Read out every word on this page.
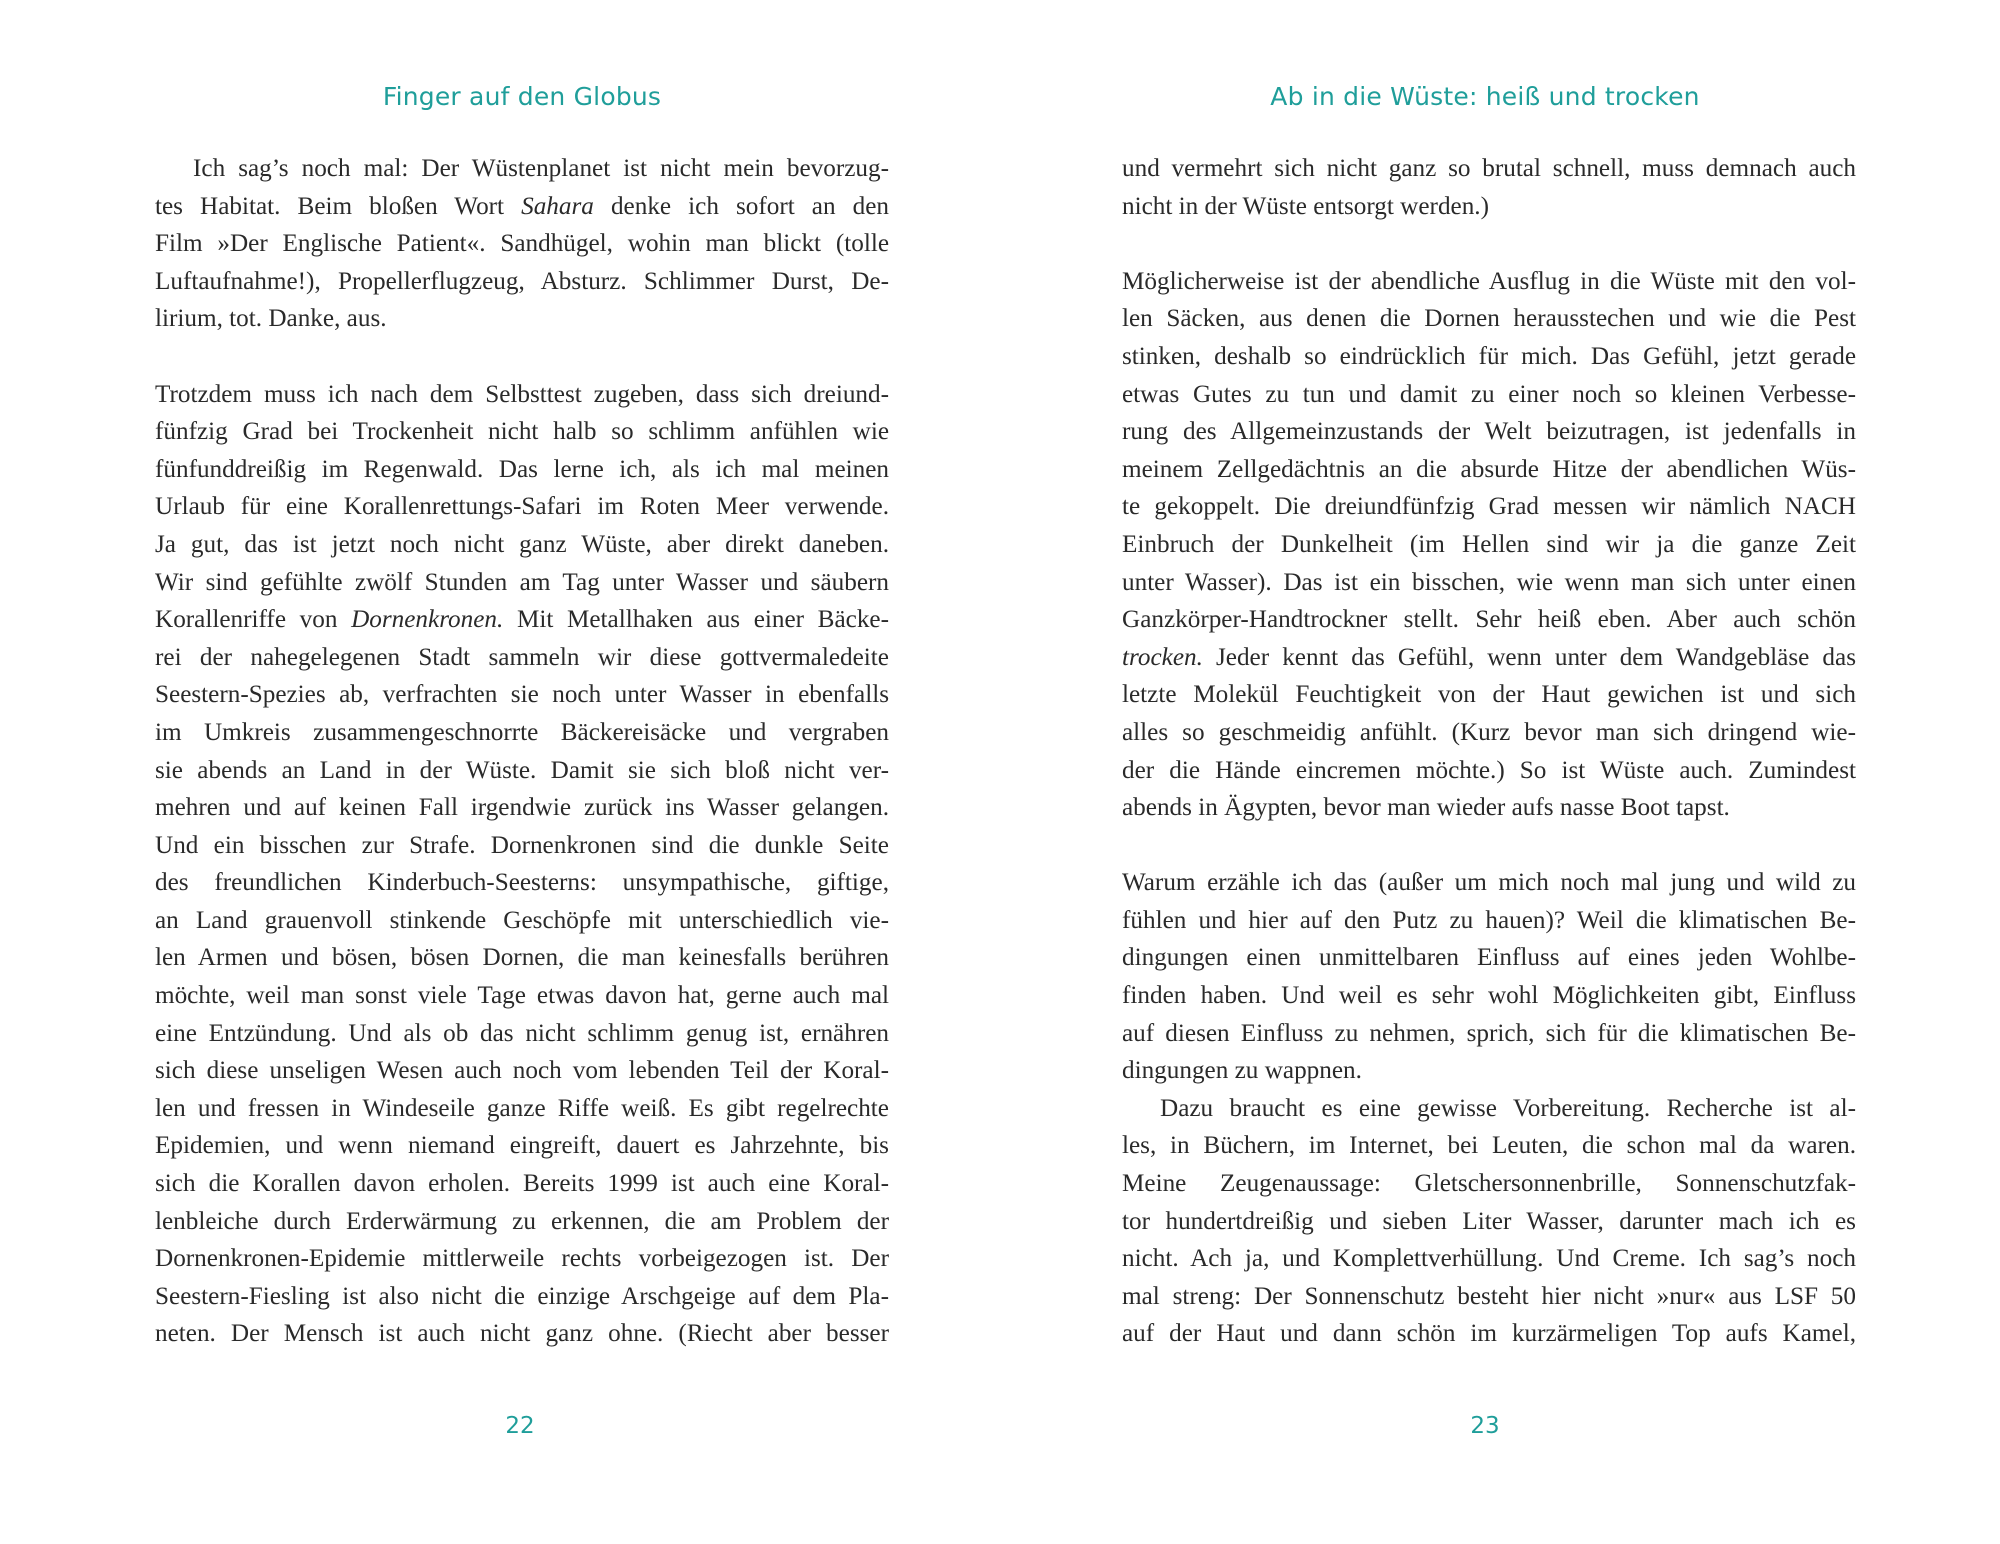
Finger auf den Globus
Ich sag’s noch mal: Der Wüstenplanet ist nicht mein bevorzug-
tes Habitat. Beim bloßen Wort Sahara denke ich sofort an den
Film »Der Englische Patient«. Sandhügel, wohin man blickt (tolle
Luftaufnahme!), Propellerflugzeug, Absturz. Schlimmer Durst, De-
lirium, tot. Danke, aus.
Trotzdem muss ich nach dem Selbsttest zugeben, dass sich dreiund-
fünfzig Grad bei Trockenheit nicht halb so schlimm anfühlen wie
fünfunddreißig im Regenwald. Das lerne ich, als ich mal meinen
Urlaub für eine Korallenrettungs-Safari im Roten Meer verwende.
Ja gut, das ist jetzt noch nicht ganz Wüste, aber direkt daneben.
Wir sind gefühlte zwölf Stunden am Tag unter Wasser und säubern
Korallenriffe von Dornenkronen. Mit Metallhaken aus einer Bäcke-
rei der nahegelegenen Stadt sammeln wir diese gottvermaledeite
Seestern-Spezies ab, verfrachten sie noch unter Wasser in ebenfalls
im Umkreis zusammengeschnorrte Bäckereisäcke und vergraben
sie abends an Land in der Wüste. Damit sie sich bloß nicht ver-
mehren und auf keinen Fall irgendwie zurück ins Wasser gelangen.
Und ein bisschen zur Strafe. Dornenkronen sind die dunkle Seite
des freundlichen Kinderbuch-Seesterns: unsympathische, giftige,
an Land grauenvoll stinkende Geschöpfe mit unterschiedlich vie-
len Armen und bösen, bösen Dornen, die man keinesfalls berühren
möchte, weil man sonst viele Tage etwas davon hat, gerne auch mal
eine Entzündung. Und als ob das nicht schlimm genug ist, ernähren
sich diese unseligen Wesen auch noch vom lebenden Teil der Koral-
len und fressen in Windeseile ganze Riffe weiß. Es gibt regelrechte
Epidemien, und wenn niemand eingreift, dauert es Jahrzehnte, bis
sich die Korallen davon erholen. Bereits 1999 ist auch eine Koral-
lenbleiche durch Erderwärmung zu erkennen, die am Problem der
Dornenkronen-Epidemie mittlerweile rechts vorbeigezogen ist. Der
Seestern-Fiesling ist also nicht die einzige Arschgeige auf dem Pla-
neten. Der Mensch ist auch nicht ganz ohne. (Riecht aber besser
22
Ab in die Wüste: heiß und trocken
und vermehrt sich nicht ganz so brutal schnell, muss demnach auch
nicht in der Wüste entsorgt werden.)
Möglicherweise ist der abendliche Ausflug in die Wüste mit den vol-
len Säcken, aus denen die Dornen herausstechen und wie die Pest
stinken, deshalb so eindrücklich für mich. Das Gefühl, jetzt gerade
etwas Gutes zu tun und damit zu einer noch so kleinen Verbesse-
rung des Allgemeinzustands der Welt beizutragen, ist jedenfalls in
meinem Zellgedächtnis an die absurde Hitze der abendlichen Wüs-
te gekoppelt. Die dreiundfünfzig Grad messen wir nämlich NACH
Einbruch der Dunkelheit (im Hellen sind wir ja die ganze Zeit
unter Wasser). Das ist ein bisschen, wie wenn man sich unter einen
Ganzkörper-Handtrockner stellt. Sehr heiß eben. Aber auch schön
trocken. Jeder kennt das Gefühl, wenn unter dem Wandgebläse das
letzte Molekül Feuchtigkeit von der Haut gewichen ist und sich
alles so geschmeidig anfühlt. (Kurz bevor man sich dringend wie-
der die Hände eincremen möchte.) So ist Wüste auch. Zumindest
abends in Ägypten, bevor man wieder aufs nasse Boot tapst.
Warum erzähle ich das (außer um mich noch mal jung und wild zu
fühlen und hier auf den Putz zu hauen)? Weil die klimatischen Be-
dingungen einen unmittelbaren Einfluss auf eines jeden Wohlbe-
finden haben. Und weil es sehr wohl Möglichkeiten gibt, Einfluss
auf diesen Einfluss zu nehmen, sprich, sich für die klimatischen Be-
dingungen zu wappnen.
Dazu braucht es eine gewisse Vorbereitung. Recherche ist al-
les, in Büchern, im Internet, bei Leuten, die schon mal da waren.
Meine Zeugenaussage: Gletschersonnenbrille, Sonnenschutzfak-
tor hundertdreißig und sieben Liter Wasser, darunter mach ich es
nicht. Ach ja, und Komplettverhüllung. Und Creme. Ich sag’s noch
mal streng: Der Sonnenschutz besteht hier nicht »nur« aus LSF 50
auf der Haut und dann schön im kurzärmeligen Top aufs Kamel,
23
